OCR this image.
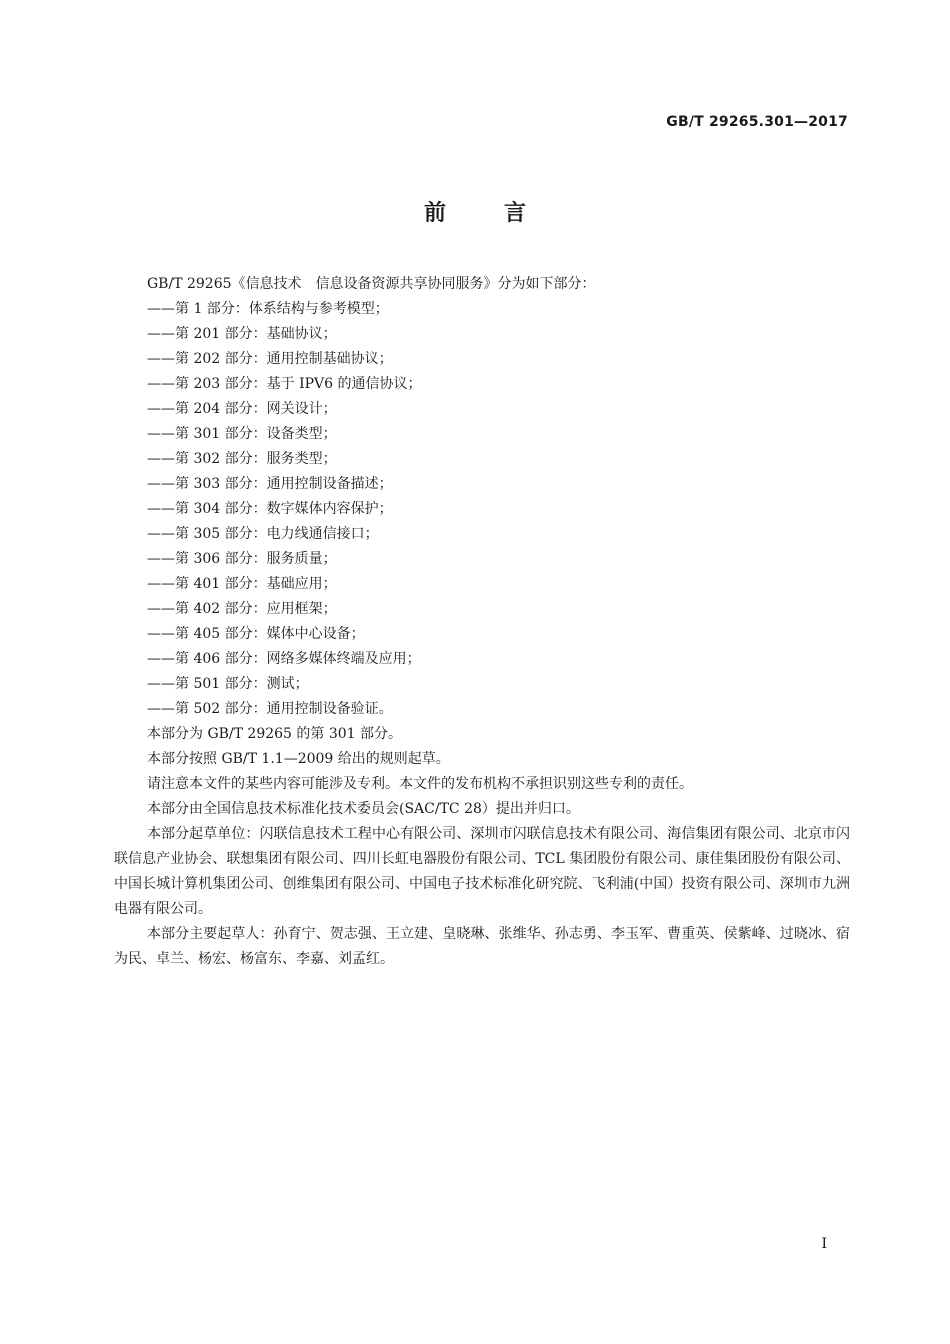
GB/T 29265.301—2017
前言

GB/T 29265《信息技术　信息设备资源共享协同服务》分为如下部分：

——第 1 部分：体系结构与参考模型；
——第 201 部分：基础协议；
——第 202 部分：通用控制基础协议；
——第 203 部分：基于 IPV6 的通信协议；
——第 204 部分：网关设计；
——第 301 部分：设备类型；
——第 302 部分：服务类型；
——第 303 部分：通用控制设备描述；
——第 304 部分：数字媒体内容保护；
——第 305 部分：电力线通信接口；
——第 306 部分：服务质量；
——第 401 部分：基础应用；
——第 402 部分：应用框架；
——第 405 部分：媒体中心设备；
——第 406 部分：网络多媒体终端及应用；
——第 501 部分：测试；
——第 502 部分：通用控制设备验证。

本部分为 GB/T 29265 的第 301 部分。

本部分按照 GB/T 1.1—2009 给出的规则起草。

请注意本文件的某些内容可能涉及专利。本文件的发布机构不承担识别这些专利的责任。

本部分由全国信息技术标准化技术委员会(SAC/TC 28）提出并归口。

本部分起草单位：闪联信息技术工程中心有限公司、深圳市闪联信息技术有限公司、海信集团有限公司、北京市闪联信息产业协会、联想集团有限公司、四川长虹电器股份有限公司、TCL 集团股份有限公司、康佳集团股份有限公司、中国长城计算机集团公司、创维集团有限公司、中国电子技术标准化研究院、飞利浦(中国）投资有限公司、深圳市九洲电器有限公司。

本部分主要起草人：孙育宁、贺志强、王立建、皇晓琳、张维华、孙志勇、李玉军、曹重英、侯紫峰、过晓冰、宿为民、卓兰、杨宏、杨富东、李嘉、刘孟红。

I
